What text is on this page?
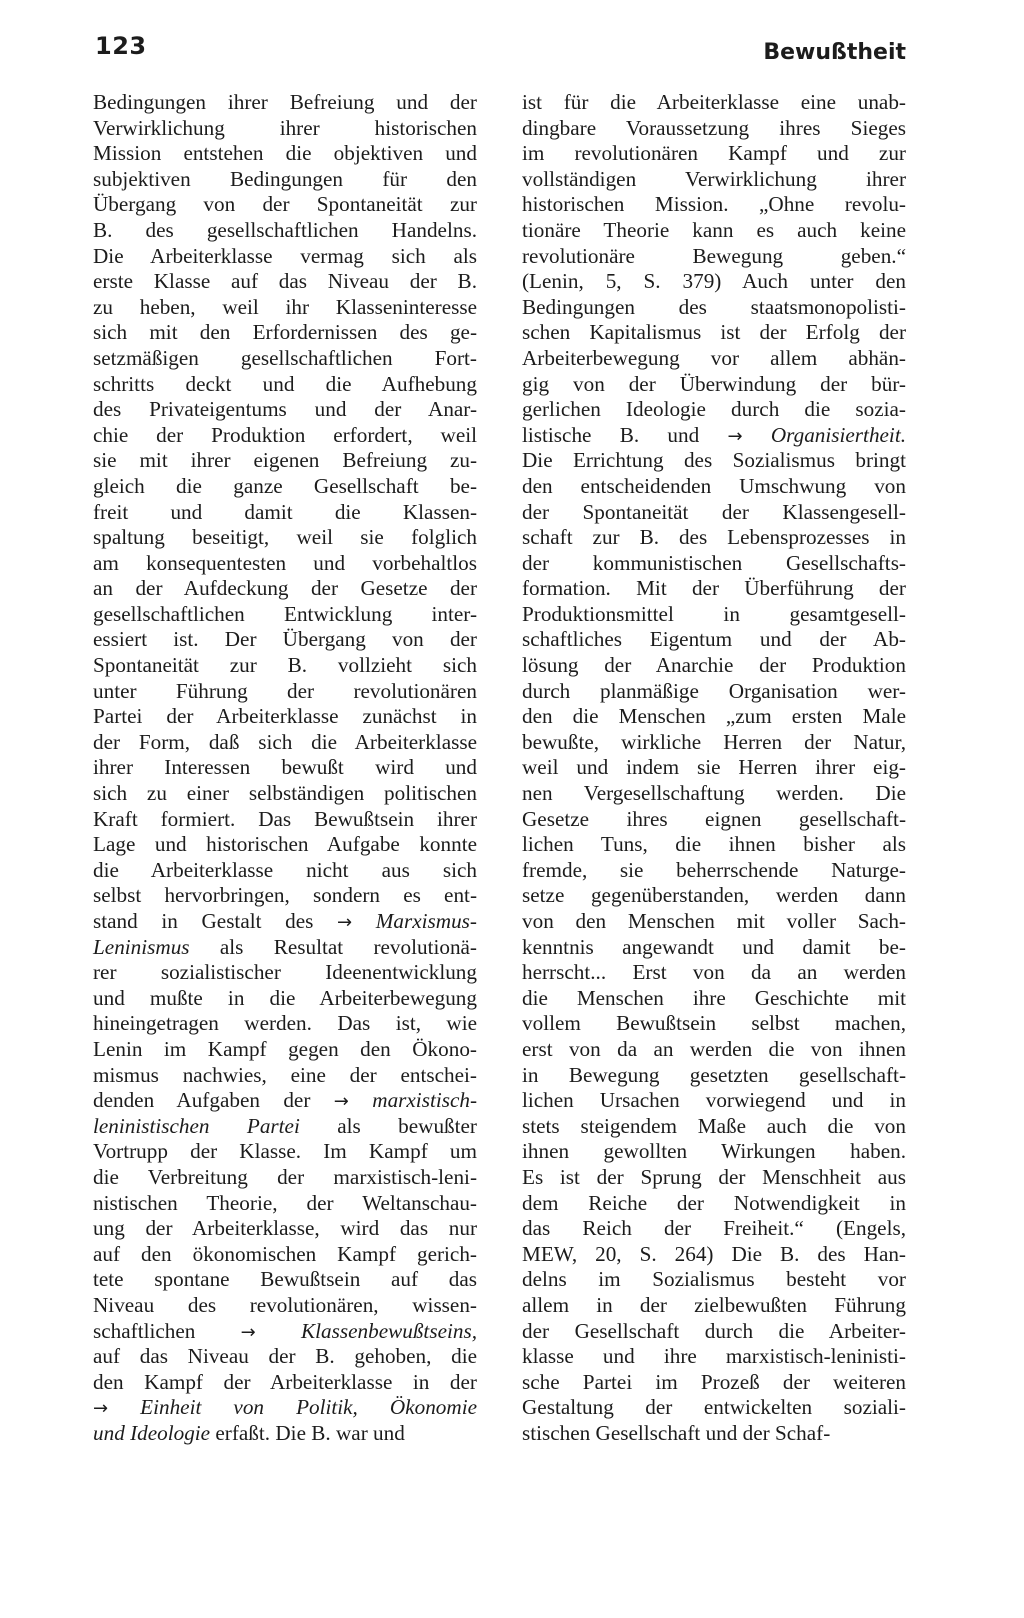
123	Bewußtheit
Bedingungen ihrer Befreiung und der
Verwirklichung ihrer historischen
Mission entstehen die objektiven und
subjektiven Bedingungen für den
Übergang von der Spontaneität zur
B. des gesellschaftlichen Handelns.
Die Arbeiterklasse vermag sich als
erste Klasse auf das Niveau der B.
zu heben, weil ihr Klasseninteresse
sich mit den Erfordernissen des ge-
setzmäßigen gesellschaftlichen Fort-
schritts deckt und die Aufhebung
des Privateigentums und der Anar-
chie der Produktion erfordert, weil
sie mit ihrer eigenen Befreiung zu-
gleich die ganze Gesellschaft be-
freit und damit die Klassen-
spaltung beseitigt, weil sie folglich
am konsequentesten und vorbehaltlos
an der Aufdeckung der Gesetze der
gesellschaftlichen Entwicklung inter-
essiert ist. Der Übergang von der
Spontaneität zur B. vollzieht sich
unter Führung der revolutionären
Partei der Arbeiterklasse zunächst in
der Form, daß sich die Arbeiterklasse
ihrer Interessen bewußt wird und
sich zu einer selbständigen politischen
Kraft formiert. Das Bewußtsein ihrer
Lage und historischen Aufgabe konnte
die Arbeiterklasse nicht aus sich
selbst hervorbringen, sondern es ent-
stand in Gestalt des → Marxismus-
Leninismus als Resultat revolutionä-
rer sozialistischer Ideenentwicklung
und mußte in die Arbeiterbewegung
hineingetragen werden. Das ist, wie
Lenin im Kampf gegen den Ökono-
mismus nachwies, eine der entschei-
denden Aufgaben der → marxistisch-
leninistischen Partei als bewußter
Vortrupp der Klasse. Im Kampf um
die Verbreitung der marxistisch-leni-
nistischen Theorie, der Weltanschau-
ung der Arbeiterklasse, wird das nur
auf den ökonomischen Kampf gerich-
tete spontane Bewußtsein auf das
Niveau des revolutionären, wissen-
schaftlichen → Klassenbewußtseins,
auf das Niveau der B. gehoben, die
den Kampf der Arbeiterklasse in der
→ Einheit von Politik, Ökonomie
und Ideologie erfaßt. Die B. war und
ist für die Arbeiterklasse eine unab-
dingbare Voraussetzung ihres Sieges
im revolutionären Kampf und zur
vollständigen Verwirklichung ihrer
historischen Mission. „Ohne revolu-
tionäre Theorie kann es auch keine
revolutionäre Bewegung geben.“
(Lenin, 5, S. 379) Auch unter den
Bedingungen des staatsmonopolisti-
schen Kapitalismus ist der Erfolg der
Arbeiterbewegung vor allem abhän-
gig von der Überwindung der bür-
gerlichen Ideologie durch die sozia-
listische B. und → Organisiertheit.
Die Errichtung des Sozialismus bringt
den entscheidenden Umschwung von
der Spontaneität der Klassengesell-
schaft zur B. des Lebensprozesses in
der kommunistischen Gesellschafts-
formation. Mit der Überführung der
Produktionsmittel in gesamtgesell-
schaftliches Eigentum und der Ab-
lösung der Anarchie der Produktion
durch planmäßige Organisation wer-
den die Menschen „zum ersten Male
bewußte, wirkliche Herren der Natur,
weil und indem sie Herren ihrer eig-
nen Vergesellschaftung werden. Die
Gesetze ihres eignen gesellschaft-
lichen Tuns, die ihnen bisher als
fremde, sie beherrschende Naturge-
setze gegenüberstanden, werden dann
von den Menschen mit voller Sach-
kenntnis angewandt und damit be-
herrscht... Erst von da an werden
die Menschen ihre Geschichte mit
vollem Bewußtsein selbst machen,
erst von da an werden die von ihnen
in Bewegung gesetzten gesellschaft-
lichen Ursachen vorwiegend und in
stets steigendem Maße auch die von
ihnen gewollten Wirkungen haben.
Es ist der Sprung der Menschheit aus
dem Reiche der Notwendigkeit in
das Reich der Freiheit.“ (Engels,
MEW, 20, S. 264) Die B. des Han-
delns im Sozialismus besteht vor
allem in der zielbewußten Führung
der Gesellschaft durch die Arbeiter-
klasse und ihre marxistisch-leninisti-
sche Partei im Prozeß der weiteren
Gestaltung der entwickelten soziali-
stischen Gesellschaft und der Schaf-
